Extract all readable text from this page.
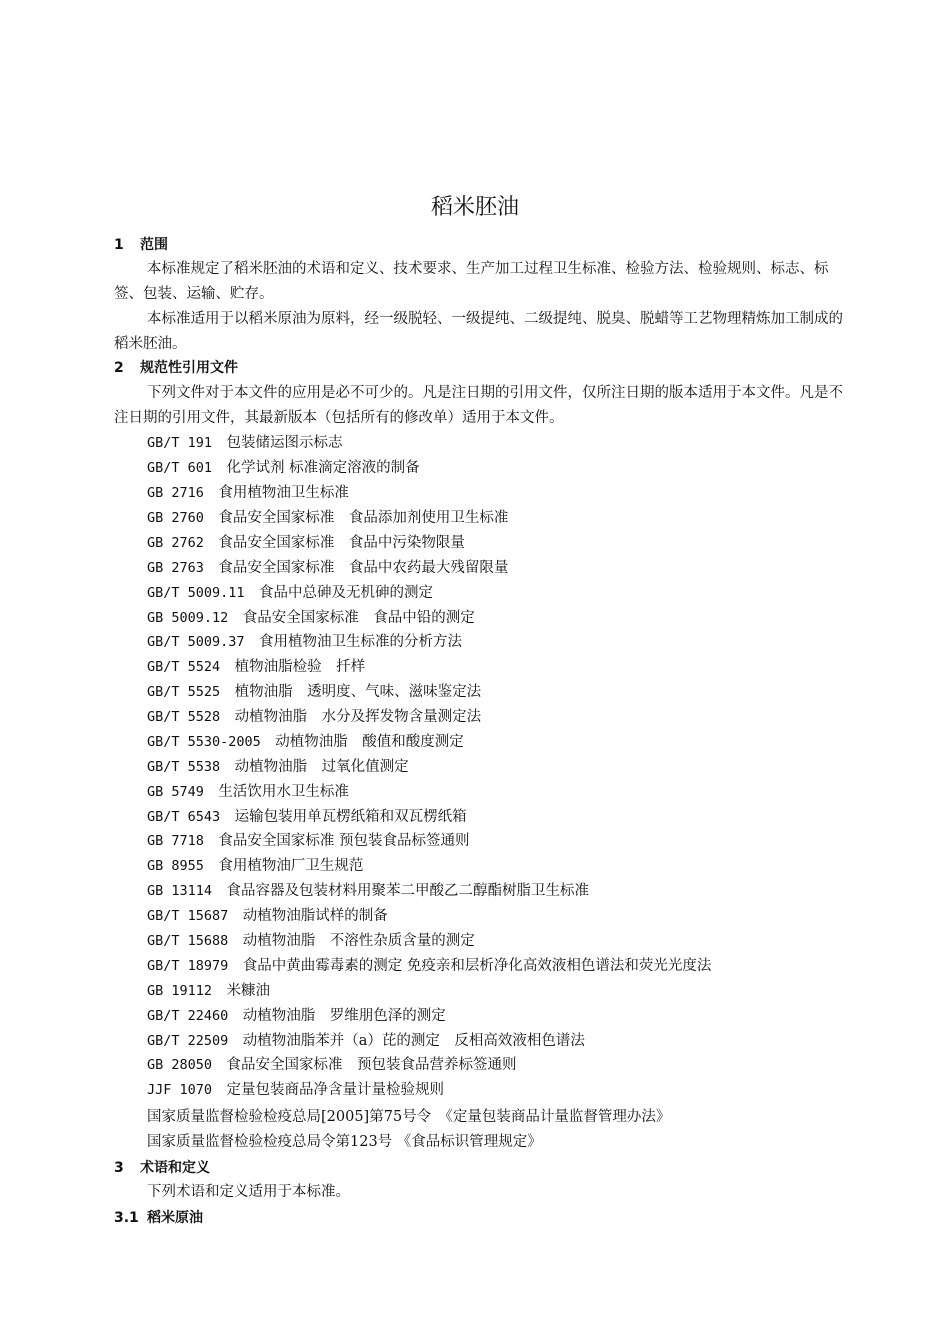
稻米胚油
1 范围
本标准规定了稻米胚油的术语和定义、技术要求、生产加工过程卫生标准、检验方法、检验规则、标志、标签、包装、运输、贮存。
本标准适用于以稻米原油为原料，经一级脱轻、一级提纯、二级提纯、脱臭、脱蜡等工艺物理精炼加工制成的稻米胚油。
2 规范性引用文件
下列文件对于本文件的应用是必不可少的。凡是注日期的引用文件，仅所注日期的版本适用于本文件。凡是不注日期的引用文件，其最新版本（包括所有的修改单）适用于本文件。
GB/T 191　 包装储运图示标志
GB/T 601　 化学试剂 标准滴定溶液的制备
GB 2716　 食用植物油卫生标准
GB 2760　 食品安全国家标准　食品添加剂使用卫生标准
GB 2762　 食品安全国家标准　食品中污染物限量
GB 2763　 食品安全国家标准　食品中农药最大残留限量
GB/T 5009.11　 食品中总砷及无机砷的测定
GB 5009.12　 食品安全国家标准　食品中铅的测定
GB/T 5009.37　 食用植物油卫生标准的分析方法
GB/T 5524　 植物油脂检验　扦样
GB/T 5525　 植物油脂　透明度、气味、滋味鉴定法
GB/T 5528　 动植物油脂　水分及挥发物含量测定法
GB/T 5530-2005　 动植物油脂　酸值和酸度测定
GB/T 5538　 动植物油脂　过氧化值测定
GB 5749　 生活饮用水卫生标准
GB/T 6543　 运输包装用单瓦楞纸箱和双瓦楞纸箱
GB 7718　 食品安全国家标准 预包装食品标签通则
GB 8955　 食用植物油厂卫生规范
GB 13114　 食品容器及包装材料用聚苯二甲酸乙二醇酯树脂卫生标准
GB/T 15687　 动植物油脂试样的制备
GB/T 15688　 动植物油脂　不溶性杂质含量的测定
GB/T 18979　 食品中黄曲霉毒素的测定 免疫亲和层析净化高效液相色谱法和荧光光度法
GB 19112　 米糠油
GB/T 22460　 动植物油脂　罗维朋色泽的测定
GB/T 22509　 动植物油脂苯并（a）芘的测定　反相高效液相色谱法
GB 28050　 食品安全国家标准　预包装食品营养标签通则
JJF 1070　 定量包装商品净含量计量检验规则
国家质量监督检验检疫总局[2005]第75号令　《定量包装商品计量监督管理办法》
国家质量监督检验检疫总局令第123号 《食品标识管理规定》
3 术语和定义
下列术语和定义适用于本标准。
3.1 稻米原油
